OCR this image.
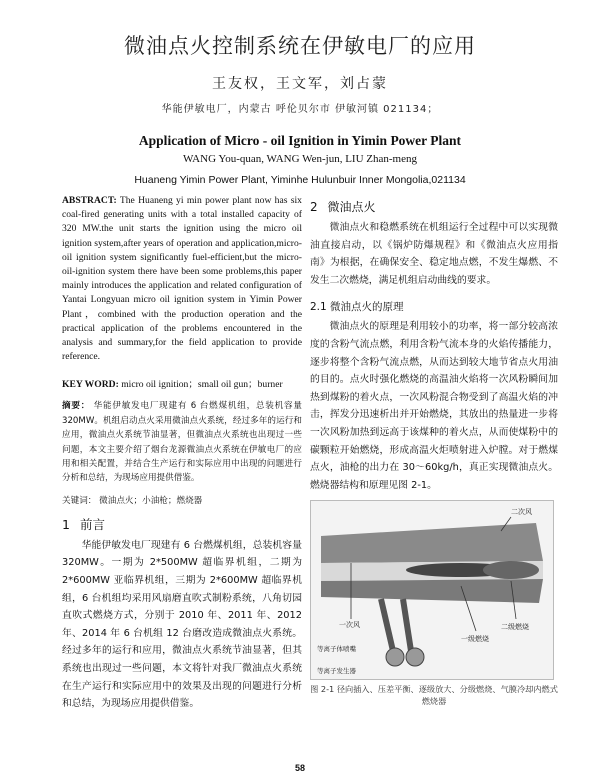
微油点火控制系统在伊敏电厂的应用
王友权，王文军，刘占蒙
华能伊敏电厂，内蒙古 呼伦贝尔市 伊敏河镇 021134；
Application of Micro - oil Ignition in Yimin Power Plant
WANG You-quan, WANG Wen-jun, LIU Zhan-meng
Huaneng Yimin Power Plant, Yiminhe Hulunbuir Inner Mongolia,021134
ABSTRACT: The Huaneng yi min power plant now has six coal-fired generating units with a total installed capacity of 320 MW.the unit starts the ignition using the micro oil ignition system,after years of operation and application,micro-oil ignition system significantly fuel-efficient,but the micro-oil-ignition system there have been some problems,this paper mainly introduces the application and related configuration of Yantai Longyuan micro oil ignition system in Yimin Power Plant，combined with the production operation and the practical application of the problems encountered in the analysis and summary,for the field application to provide reference.
KEY WORD: micro oil ignition；small oil gun；burner
摘要： 华能伊敏发电厂现建有 6 台燃煤机组，总装机容量 320MW。机组启动点火采用微油点火系统，经过多年的运行和应用，微油点火系统节油显著，但微油点火系统也出现过一些问题，本文主要介绍了烟台龙源微油点火系统在伊敏电厂的应用和相关配置，并结合生产运行和实际应用中出现的问题进行分析和总结，为现场应用提供借鉴。
关键词： 微油点火；小油枪；燃烧器
1 前言
华能伊敏发电厂现建有 6 台燃煤机组，总装机容量 320MW。一期为 2*500MW 超临界机组，二期为 2*600MW 亚临界机组，三期为 2*600MW 超临界机组，6 台机组均采用风扇磨直吹式制粉系统，八角切园直吹式燃烧方式，分别于 2010 年、2011 年、2012 年、2014 年 6 台机组 12 台磨改造成微油点火系统。经过多年的运行和应用，微油点火系统节油显著，但其系统也出现过一些问题，本文将针对我厂微油点火系统在生产运行和实际应用中的效果及出现的问题进行分析和总结，为现场应用提供借鉴。
2 微油点火
微油点火和稳燃系统在机组运行全过程中可以实现微油直接启动，以《锅炉防爆规程》和《微油点火应用指南》为根据，在确保安全、稳定地点燃，不发生爆燃、不发生二次燃烧，满足机组启动曲线的要求。
2.1 微油点火的原理
微油点火的原理是利用较小的功率，将一部分较高浓度的含粉气流点燃，利用含粉气流本身的火焰传播能力，逐步将整个含粉气流点燃，从而达到较大地节省点火用油的目的。点火时强化燃烧的高温油火焰将一次风粉瞬间加热到煤粉的着火点，一次风粉混合物受到了高温火焰的冲击，挥发分迅速析出并开始燃烧，其放出的热量进一步将一次风粉加热到远高于该煤种的着火点，从而使煤粉中的碳颗粒开始燃烧，形成高温火炬喷射进入炉膛。对于燃煤点火，油枪的出力在 30～60kg/h，真正实现微油点火。燃烧器结构和原理见图 2-1。
二次风
一次风
一级燃烧
二级燃烧
等离子体喷嘴
等离子发生器
图 2-1 径向插入、压差平衡、逐级放大、分级燃烧、气膜冷却内燃式燃烧器
58
